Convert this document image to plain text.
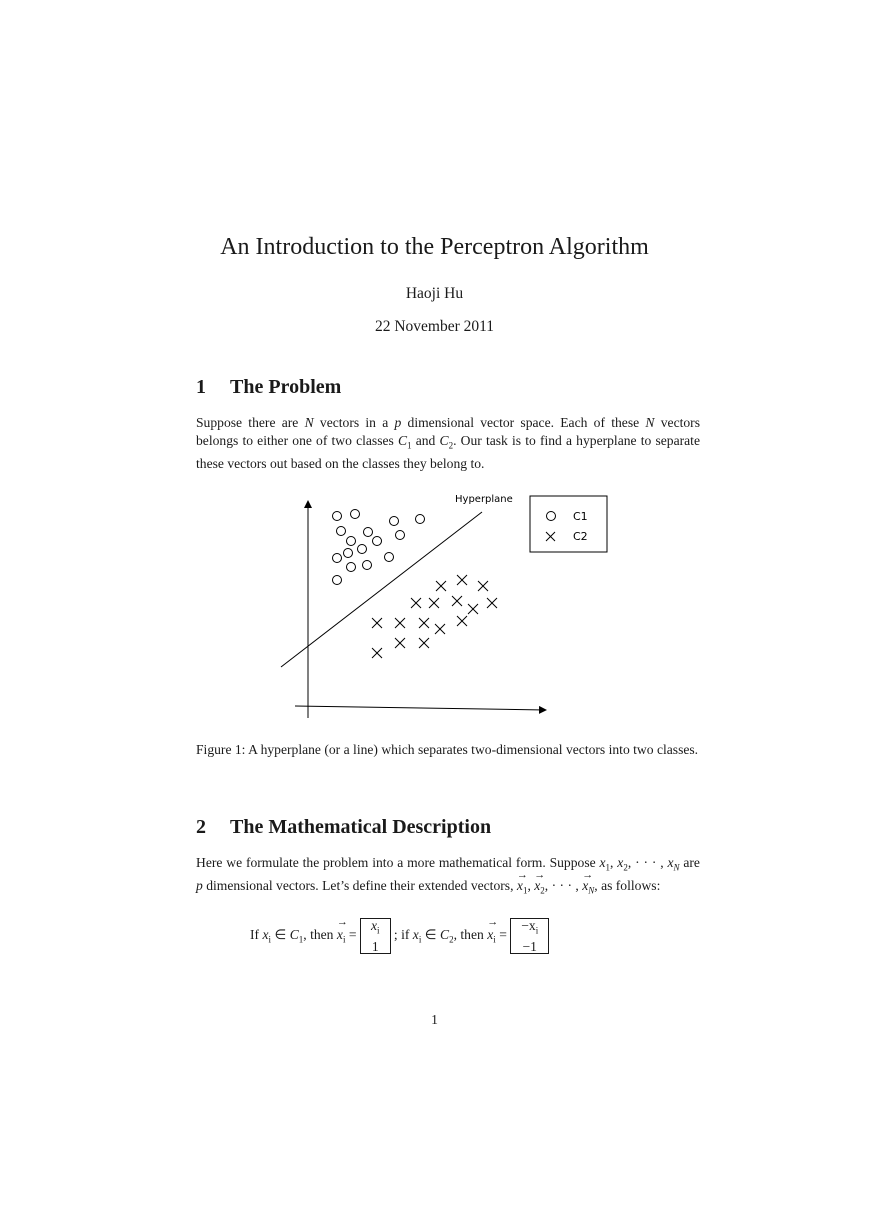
An Introduction to the Perceptron Algorithm
Haoji Hu
22 November 2011
1 The Problem
Suppose there are N vectors in a p dimensional vector space. Each of these N vectors belongs to either one of two classes $C_1$ and $C_2$. Our task is to find a hyperplane to separate these vectors out based on the classes they belong to.
Hyperplane
C1
C2
Figure 1: A hyperplane (or a line) which separates two-dimensional vectors into two classes.
2 The Mathematical Description
Here we formulate the problem into a more mathematical form. Suppose $x_1$, $x_2$, · · · , $x_N$ are p dimensional vectors. Let’s define their extended vectors, → $x_1$, → $x_2$, · · · , → $x_N$, as follows:
If $x_i$ ∈ $C_1$, then → $x_i = x_i$
1 ; if $x_i$ ∈ $C_2$, then → $x_i = -x_i$
−1
1
